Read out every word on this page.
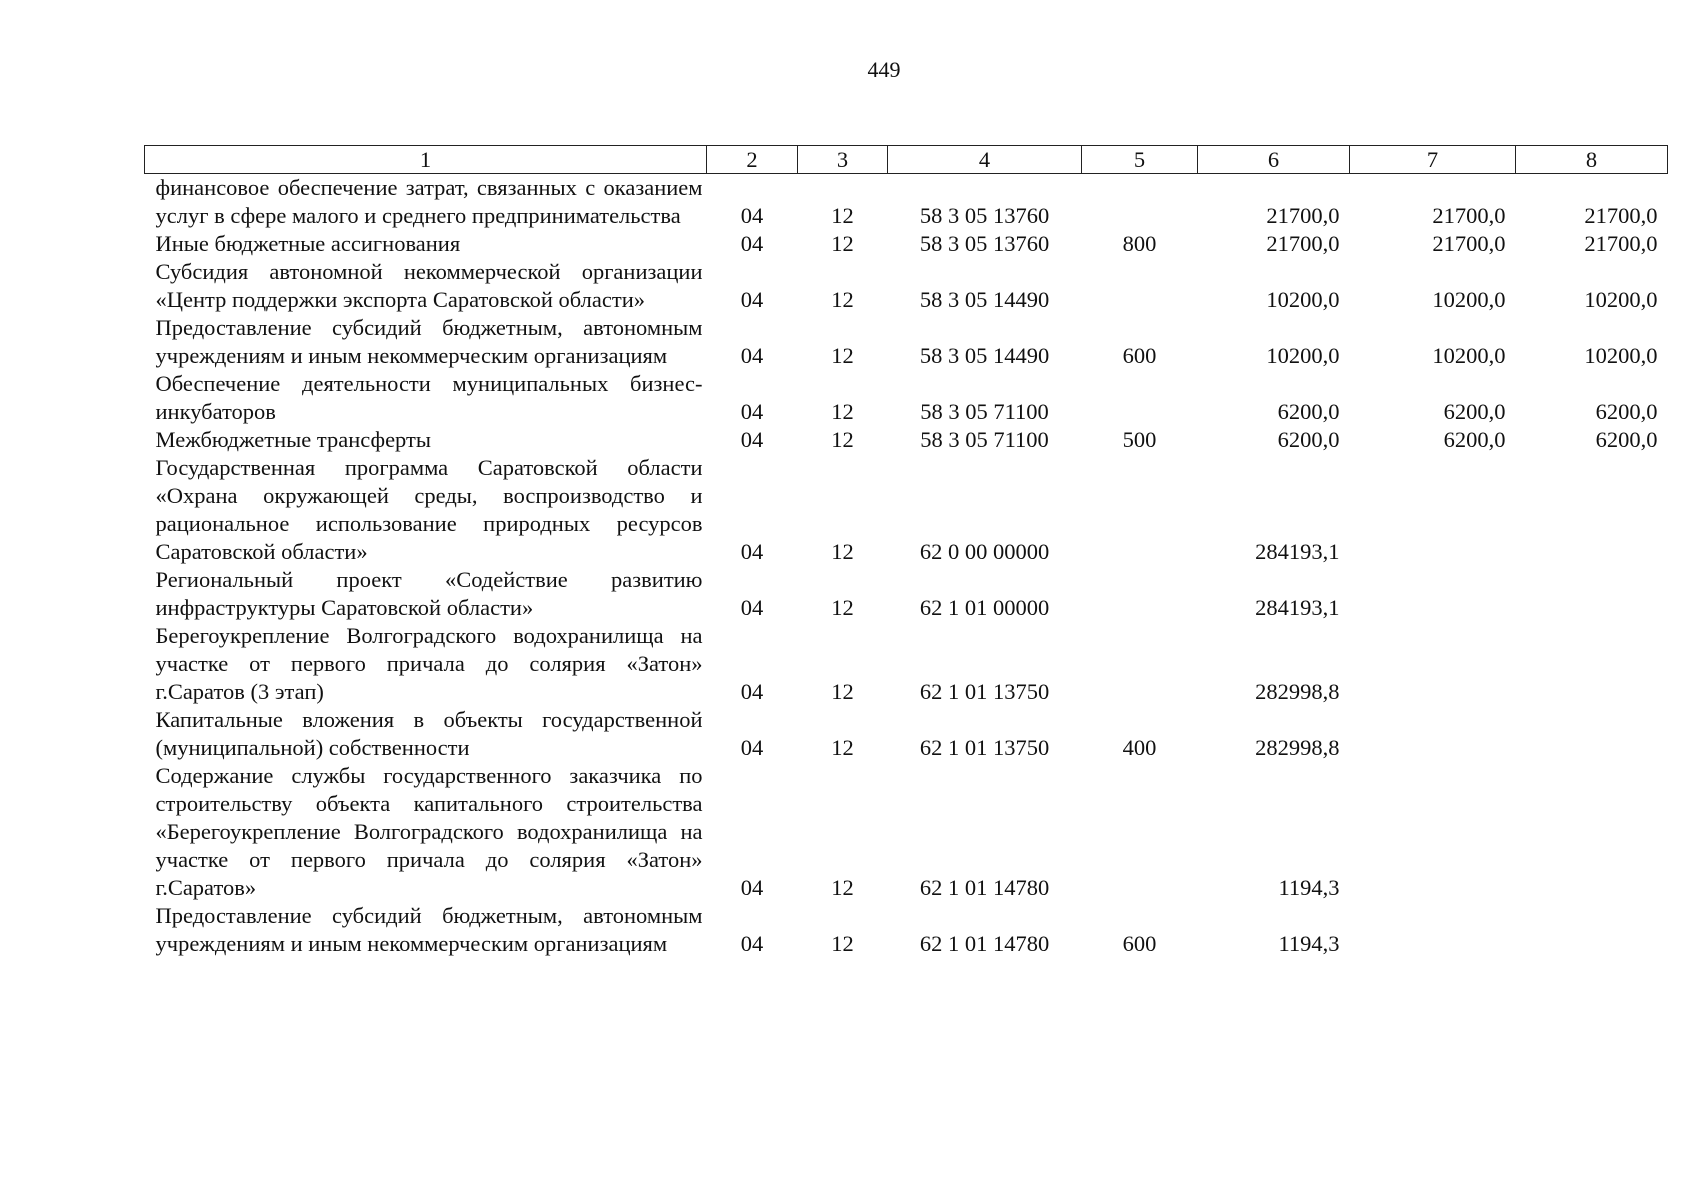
449
1	2	3	4	5	6	7	8
финансовое обеспечение затрат, связанных с оказанием услуг в сфере малого и среднего предпринимательства	04	12	58 3 05 13760		21700,0	21700,0	21700,0
Иные бюджетные ассигнования	04	12	58 3 05 13760	800	21700,0	21700,0	21700,0
Субсидия автономной некоммерческой организации «Центр поддержки экспорта Саратовской области»	04	12	58 3 05 14490		10200,0	10200,0	10200,0
Предоставление субсидий бюджетным, автономным учреждениям и иным некоммерческим организациям	04	12	58 3 05 14490	600	10200,0	10200,0	10200,0
Обеспечение деятельности муниципальных бизнес-инкубаторов	04	12	58 3 05 71100		6200,0	6200,0	6200,0
Межбюджетные трансферты	04	12	58 3 05 71100	500	6200,0	6200,0	6200,0
Государственная программа Саратовской области «Охрана окружающей среды, воспроизводство и рациональное использование природных ресурсов Саратовской области»	04	12	62 0 00 00000		284193,1		
Региональный проект «Содействие развитию инфраструктуры Саратовской области»	04	12	62 1 01 00000		284193,1		
Берегоукрепление Волгоградского водохранилища на участке от первого причала до солярия «Затон» г.Саратов (3 этап)	04	12	62 1 01 13750		282998,8		
Капитальные вложения в объекты государственной (муниципальной) собственности	04	12	62 1 01 13750	400	282998,8		
Содержание службы государственного заказчика по строительству объекта капитального строительства «Берегоукрепление Волгоградского водохранилища на участке от первого причала до солярия «Затон» г.Саратов»	04	12	62 1 01 14780		1194,3		
Предоставление субсидий бюджетным, автономным учреждениям и иным некоммерческим организациям	04	12	62 1 01 14780	600	1194,3		
